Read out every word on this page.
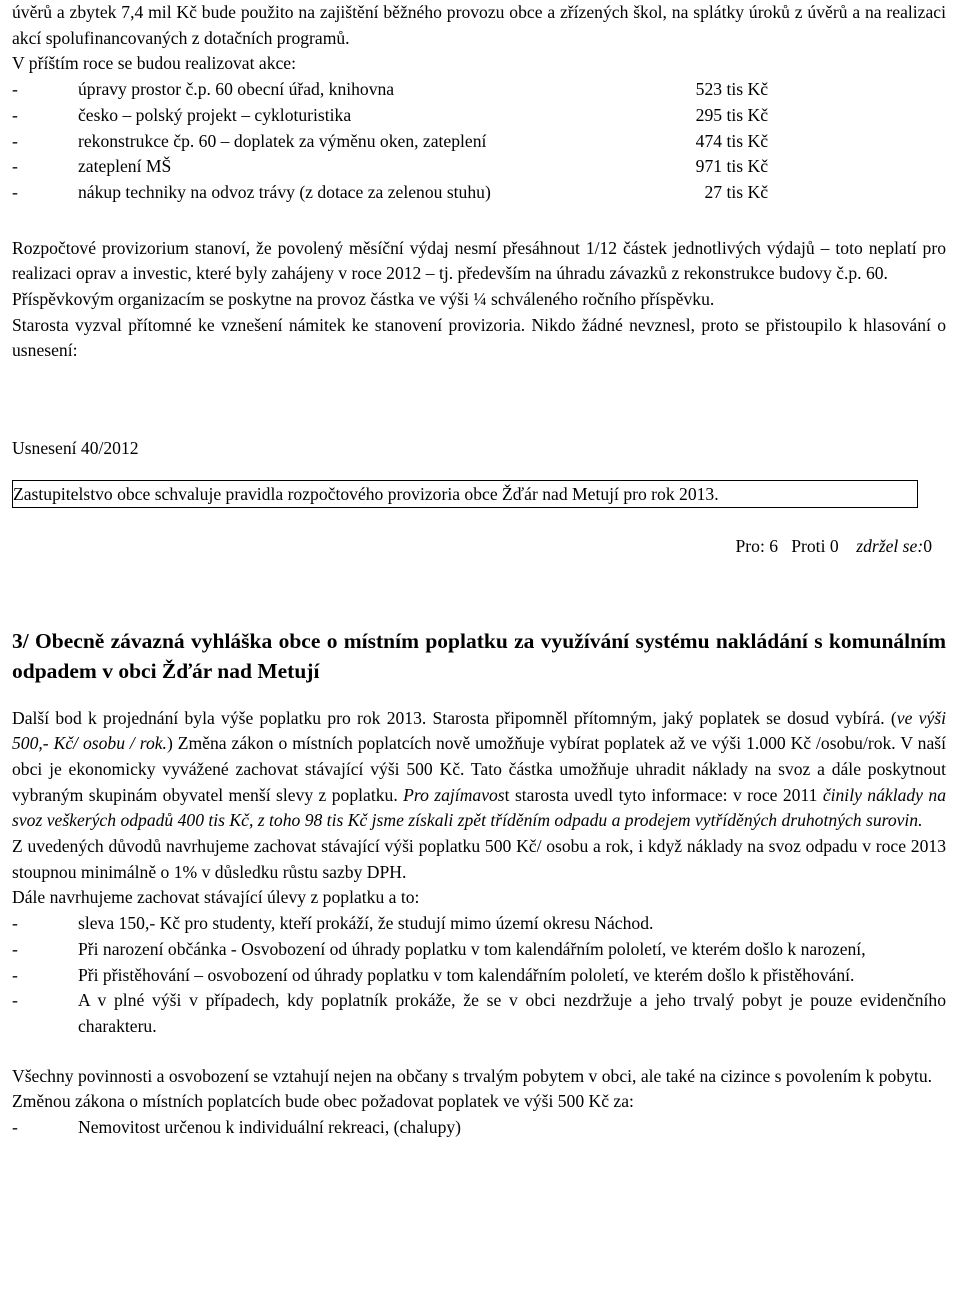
úvěrů a zbytek 7,4 mil Kč bude použito na zajištění běžného provozu obce a zřízených škol, na splátky úroků z úvěrů a na realizaci akcí spolufinancovaných z dotačních programů.

V příštím roce se budou realizovat akce:

-	úpravy prostor č.p. 60 obecní úřad, knihovna	523 tis Kč
-	česko – polský projekt – cykloturistika	295 tis Kč
-	rekonstrukce čp. 60 – doplatek za výměnu oken, zateplení	474 tis Kč
-	zateplení MŠ	971 tis Kč
-	nákup techniky na odvoz trávy (z dotace za zelenou stuhu)	27 tis Kč

Rozpočtové provizorium stanoví, že povolený měsíční výdaj nesmí přesáhnout 1/12 částek jednotlivých výdajů – toto neplatí pro realizaci oprav a investic, které byly zahájeny v roce 2012 – tj. především na úhradu závazků z rekonstrukce budovy č.p. 60.

Příspěvkovým organizacím se poskytne na provoz částka ve výši ¼ schváleného ročního příspěvku.

Starosta vyzval přítomné ke vznešení námitek ke stanovení provizoria. Nikdo žádné nevznesl, proto se přistoupilo k hlasování o usnesení:

Usnesení 40/2012

Zastupitelstvo obce schvaluje pravidla rozpočtového provizoria obce Žďár nad Metují pro rok 2013.

Pro: 6 Proti 0 zdržel se:0
3/ Obecně závazná vyhláška obce o místním poplatku za využívání systému nakládání s komunálním odpadem v obci Žďár nad Metují

Další bod k projednání byla výše poplatku pro rok 2013. Starosta připomněl přítomným, jaký poplatek se dosud vybírá. (ve výši 500,- Kč/ osobu / rok.) Změna zákon o místních poplatcích nově umožňuje vybírat poplatek až ve výši 1.000 Kč /osobu/rok. V naší obci je ekonomicky vyvážené zachovat stávající výši 500 Kč. Tato částka umožňuje uhradit náklady na svoz a dále poskytnout vybraným skupinám obyvatel menší slevy z poplatku. Pro zajímavost starosta uvedl tyto informace: v roce 2011 činily náklady na svoz veškerých odpadů 400 tis Kč, z toho 98 tis Kč jsme získali zpět tříděním odpadu a prodejem vytříděných druhotných surovin.

Z uvedených důvodů navrhujeme zachovat stávající výši poplatku 500 Kč/ osobu a rok, i když náklady na svoz odpadu v roce 2013 stoupnou minimálně o 1% v důsledku růstu sazby DPH.

Dále navrhujeme zachovat stávající úlevy z poplatku a to:

-	sleva 150,- Kč pro studenty, kteří prokáží, že studují mimo území okresu Náchod.
-	Při narození občánka - Osvobození od úhrady poplatku v tom kalendářním pololetí, ve kterém došlo k narození,
-	Při přistěhování – osvobození od úhrady poplatku v tom kalendářním pololetí, ve kterém došlo k přistěhování.
-	A v plné výši v případech, kdy poplatník prokáže, že se v obci nezdržuje a jeho trvalý pobyt je pouze evidenčního charakteru.

Všechny povinnosti a osvobození se vztahují nejen na občany s trvalým pobytem v obci, ale také na cizince s povolením k pobytu.

Změnou zákona o místních poplatcích bude obec požadovat poplatek ve výši 500 Kč za:

-	Nemovitost určenou k individuální rekreaci, (chalupy)
